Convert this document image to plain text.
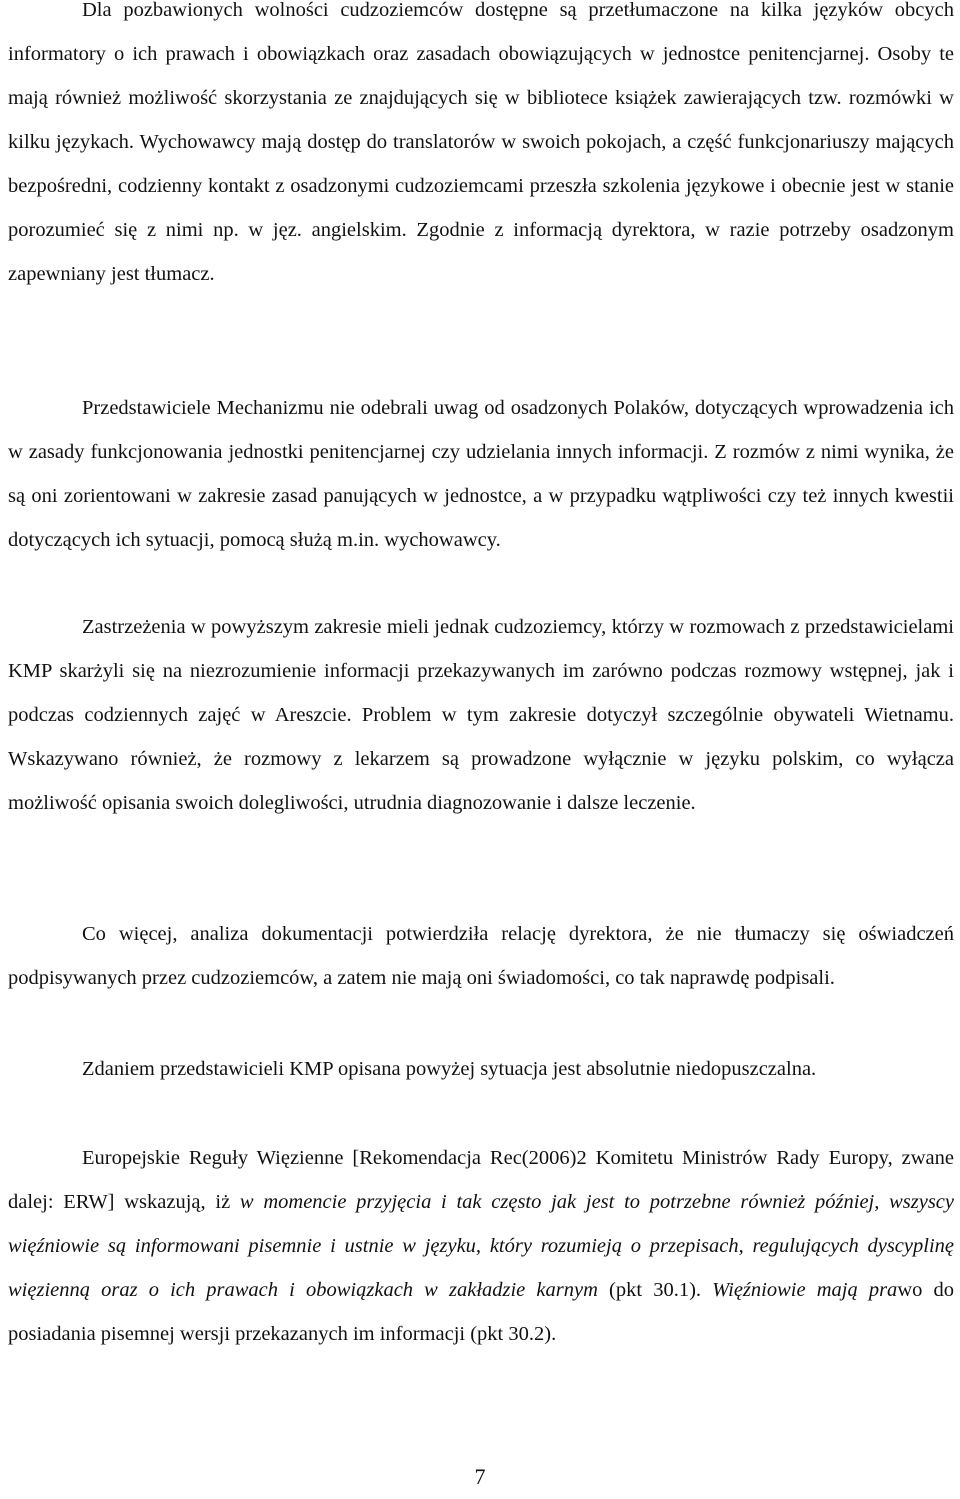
Dla pozbawionych wolności cudzoziemców dostępne są przetłumaczone na kilka języków obcych informatory o ich prawach i obowiązkach oraz zasadach obowiązujących w jednostce penitencjarnej. Osoby te mają również możliwość skorzystania ze znajdujących się w bibliotece książek zawierających tzw. rozmówki w kilku językach. Wychowawcy mają dostęp do translatorów w swoich pokojach, a część funkcjonariuszy mających bezpośredni, codzienny kontakt z osadzonymi cudzoziemcami przeszła szkolenia językowe i obecnie jest w stanie porozumieć się z nimi np. w jęz. angielskim. Zgodnie z informacją dyrektora, w razie potrzeby osadzonym zapewniany jest tłumacz.

Przedstawiciele Mechanizmu nie odebrali uwag od osadzonych Polaków, dotyczących wprowadzenia ich w zasady funkcjonowania jednostki penitencjarnej czy udzielania innych informacji. Z rozmów z nimi wynika, że są oni zorientowani w zakresie zasad panujących w jednostce, a w przypadku wątpliwości czy też innych kwestii dotyczących ich sytuacji, pomocą służą m.in. wychowawcy.

Zastrzeżenia w powyższym zakresie mieli jednak cudzoziemcy, którzy w rozmowach z przedstawicielami KMP skarżyli się na niezrozumienie informacji przekazywanych im zarówno podczas rozmowy wstępnej, jak i podczas codziennych zajęć w Areszcie. Problem w tym zakresie dotyczył szczególnie obywateli Wietnamu. Wskazywano również, że rozmowy z lekarzem są prowadzone wyłącznie w języku polskim, co wyłącza możliwość opisania swoich dolegliwości, utrudnia diagnozowanie i dalsze leczenie.

Co więcej, analiza dokumentacji potwierdziła relację dyrektora, że nie tłumaczy się oświadczeń podpisywanych przez cudzoziemców, a zatem nie mają oni świadomości, co tak naprawdę podpisali.

Zdaniem przedstawicieli KMP opisana powyżej sytuacja jest absolutnie niedopuszczalna.

Europejskie Reguły Więzienne [Rekomendacja Rec(2006)2 Komitetu Ministrów Rady Europy, zwane dalej: ERW] wskazują, iż w momencie przyjęcia i tak często jak jest to potrzebne również później, wszyscy więźniowie są informowani pisemnie i ustnie w języku, który rozumieją o przepisach, regulujących dyscyplinę więzienną oraz o ich prawach i obowiązkach w zakładzie karnym (pkt 30.1). Więźniowie mają prawo do posiadania pisemnej wersji przekazanych im informacji (pkt 30.2).

7
